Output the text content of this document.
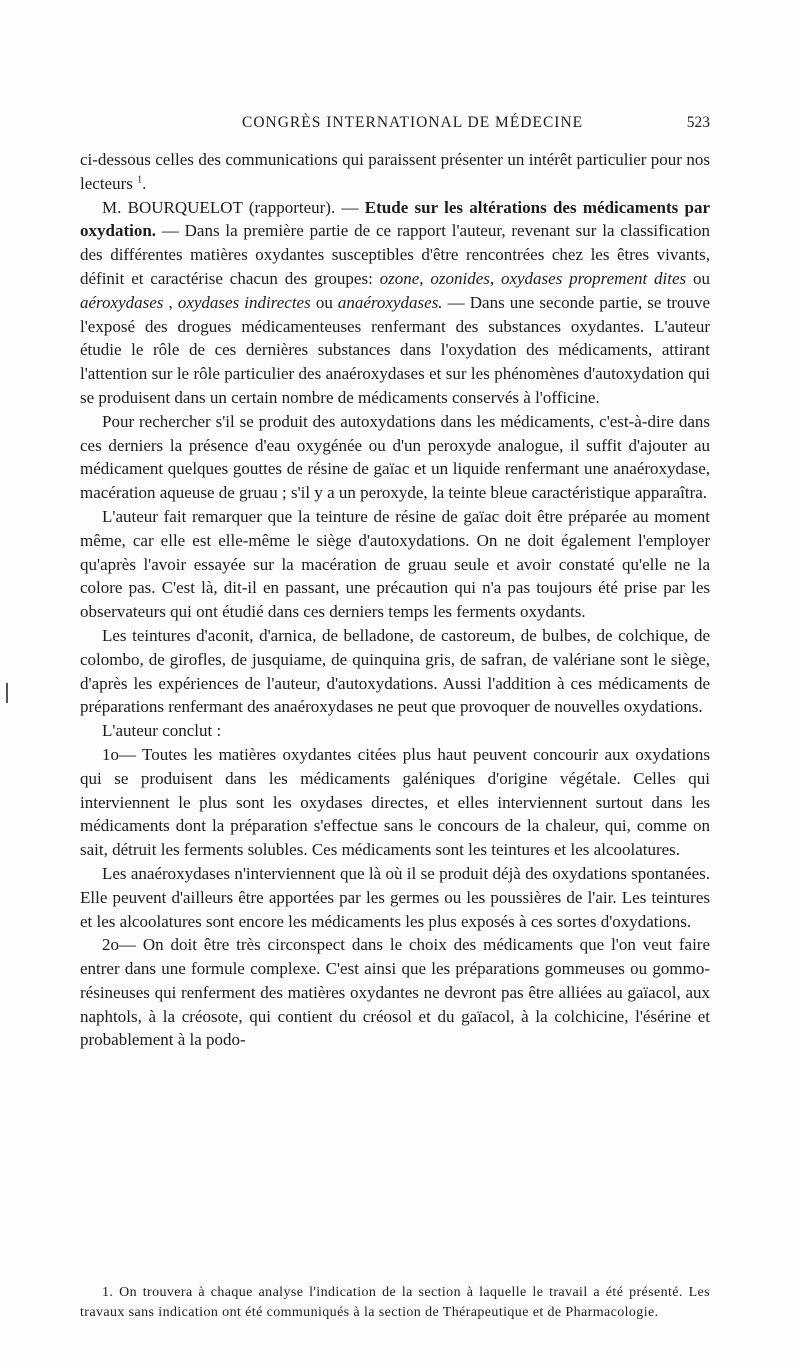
CONGRÈS INTERNATIONAL DE MÉDECINE	523

ci-dessous celles des communications qui paraissent présenter un intérêt particulier pour nos lecteurs $^1$.

M. BOURQUELOT (rapporteur). — Etude sur les altérations des médicaments par oxydation. — Dans la première partie de ce rapport l'auteur, revenant sur la classification des différentes matières oxydantes susceptibles d'être rencontrées chez les êtres vivants, définit et caractérise chacun des groupes: ozone, ozonides, oxydases proprement dites ou aéroxydases , oxydases indirectes ou anaéroxydases. — Dans une seconde partie, se trouve l'exposé des drogues médicamenteuses renfermant des substances oxydantes. L'auteur étudie le rôle de ces dernières substances dans l'oxydation des médicaments, attirant l'attention sur le rôle particulier des anaéroxydases et sur les phénomènes d'autoxydation qui se produisent dans un certain nombre de médicaments conservés à l'officine.

Pour rechercher s'il se produit des autoxydations dans les médicaments, c'est-à-dire dans ces derniers la présence d'eau oxygénée ou d'un peroxyde analogue, il suffit d'ajouter au médicament quelques gouttes de résine de gaïac et un liquide renfermant une anaéroxydase, macération aqueuse de gruau ; s'il y a un peroxyde, la teinte bleue caractéristique apparaîtra.

L'auteur fait remarquer que la teinture de résine de gaïac doit être préparée au moment même, car elle est elle-même le siège d'autoxydations. On ne doit également l'employer qu'après l'avoir essayée sur la macération de gruau seule et avoir constaté qu'elle ne la colore pas. C'est là, dit-il en passant, une précaution qui n'a pas toujours été prise par les observateurs qui ont étudié dans ces derniers temps les ferments oxydants.

Les teintures d'aconit, d'arnica, de belladone, de castoreum, de bulbes, de colchique, de colombo, de girofles, de jusquiame, de quinquina gris, de safran, de valériane sont le siège, d'après les expériences de l'auteur, d'autoxydations. Aussi l'addition à ces médicaments de préparations renfermant des anaéroxydases ne peut que provoquer de nouvelles oxydations.

L'auteur conclut :

1o— Toutes les matières oxydantes citées plus haut peuvent concourir aux oxydations qui se produisent dans les médicaments galéniques d'origine végétale. Celles qui interviennent le plus sont les oxydases directes, et elles interviennent surtout dans les médicaments dont la préparation s'effectue sans le concours de la chaleur, qui, comme on sait, détruit les ferments solubles. Ces médicaments sont les teintures et les alcoolatures.

Les anaéroxydases n'interviennent que là où il se produit déjà des oxydations spontanées. Elle peuvent d'ailleurs être apportées par les germes ou les poussières de l'air. Les teintures et les alcoolatures sont encore les médicaments les plus exposés à ces sortes d'oxydations.

2o— On doit être très circonspect dans le choix des médicaments que l'on veut faire entrer dans une formule complexe. C'est ainsi que les préparations gommeuses ou gommo-résineuses qui renferment des matières oxydantes ne devront pas être alliées au gaïacol, aux naphtols, à la créosote, qui contient du créosol et du gaïacol, à la colchicine, l'ésérine et probablement à la podo-

1. On trouvera à chaque analyse l'indication de la section à laquelle le travail a été présenté. Les travaux sans indication ont été communiqués à la section de Thérapeutique et de Pharmacologie.
